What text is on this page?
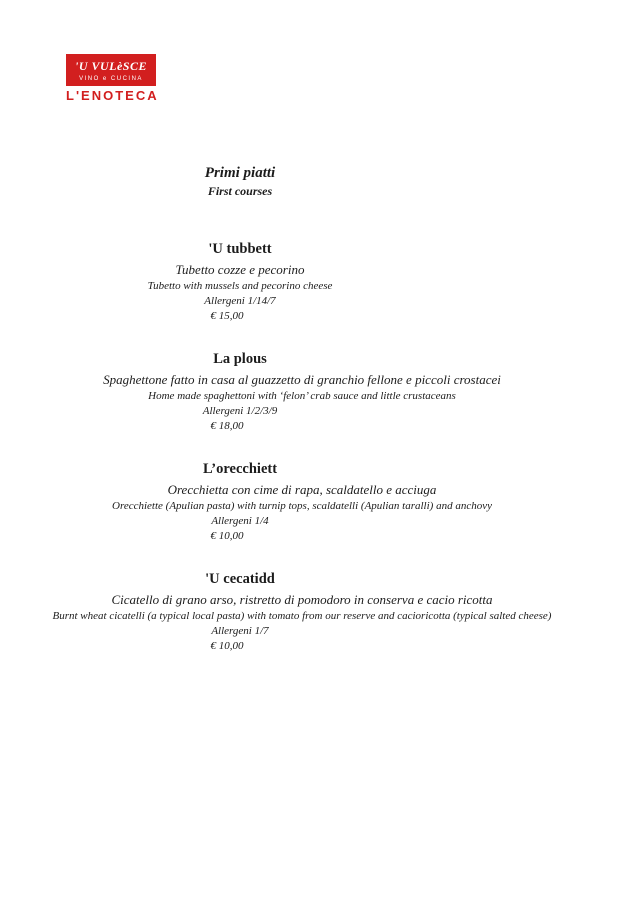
'U VULèSCE
VINO e CUCINA
L'ENOTECA
Primi piatti
First courses
'U tubbett
Tubetto cozze e pecorino
Tubetto with mussels and pecorino cheese
Allergeni 1/14/7
€ 15,00
La plous
Spaghettone fatto in casa al guazzetto di granchio fellone e piccoli crostacei
Home made spaghettoni with ‘felon’ crab sauce and little crustaceans
Allergeni 1/2/3/9
€ 18,00
L’orecchiett
Orecchietta con cime di rapa, scaldatello e acciuga
Orecchiette (Apulian pasta) with turnip tops, scaldatelli (Apulian taralli) and anchovy
Allergeni 1/4
€ 10,00
'U cecatidd
Cicatello di grano arso, ristretto di pomodoro in conserva e cacio ricotta
Burnt wheat cicatelli (a typical local pasta) with tomato from our reserve and cacioricotta (typical salted cheese)
Allergeni 1/7
€ 10,00
